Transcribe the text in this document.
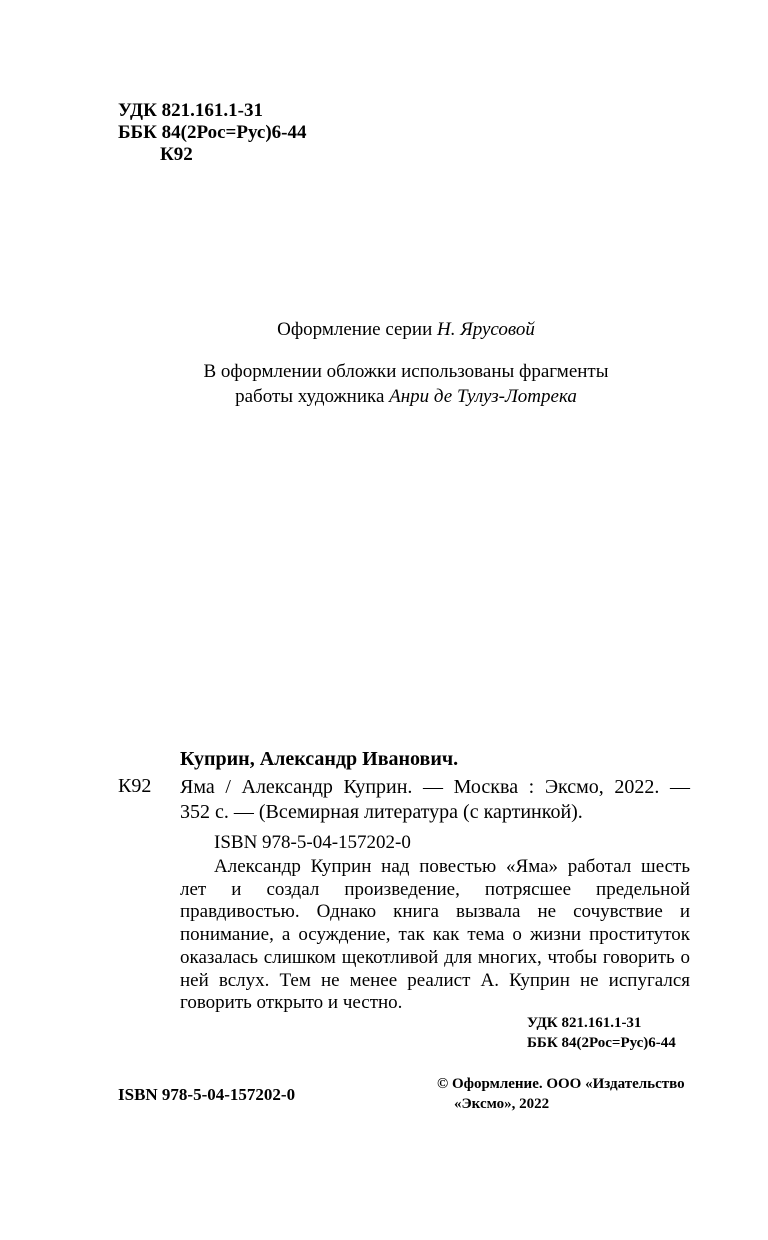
УДК 821.161.1-31
ББК 84(2Рос=Рус)6-44
К92
Оформление серии Н. Ярусовой
В оформлении обложки использованы фрагменты
работы художника Анри де Тулуз-Лотрека
Куприн, Александр Иванович.
К92 Яма / Александр Куприн. — Москва : Эксмо, 2022. —
352 с. — (Всемирная литература (с картинкой).
ISBN 978-5-04-157202-0
Александр Куприн над повестью «Яма» работал шесть лет и создал произведение, потрясшее предельной правдивостью. Однако книга вызвала не сочувствие и понимание, а осуждение, так как тема о жизни проституток оказалась слишком щекотливой для многих, чтобы говорить о ней вслух. Тем не менее реалист А. Куприн не испугался говорить открыто и честно.
УДК 821.161.1-31
ББК 84(2Рос=Рус)6-44
ISBN 978-5-04-157202-0
© Оформление. ООО «Издательство
«Эксмо», 2022
